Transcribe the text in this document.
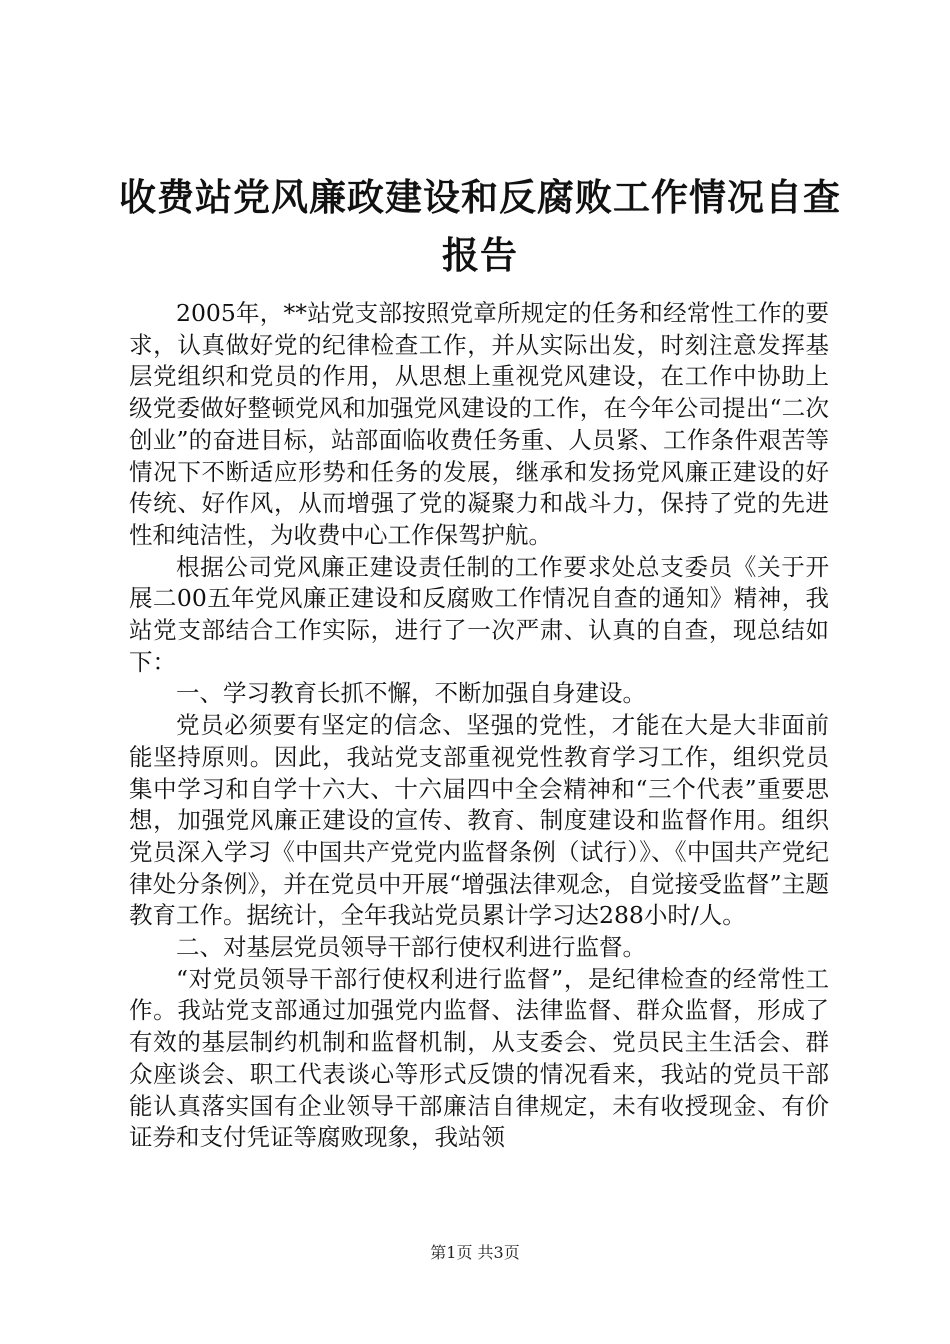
收费站党风廉政建设和反腐败工作情况自查报告

2005年，**站党支部按照党章所规定的任务和经常性工作的要求，认真做好党的纪律检查工作，并从实际出发，时刻注意发挥基层党组织和党员的作用，从思想上重视党风建设，在工作中协助上级党委做好整顿党风和加强党风建设的工作，在今年公司提出“二次创业”的奋进目标，站部面临收费任务重、人员紧、工作条件艰苦等情况下不断适应形势和任务的发展，继承和发扬党风廉正建设的好传统、好作风，从而增强了党的凝聚力和战斗力，保持了党的先进性和纯洁性，为收费中心工作保驾护航。

根据公司党风廉正建设责任制的工作要求处总支委员《关于开展二00五年党风廉正建设和反腐败工作情况自查的通知》精神，我站党支部结合工作实际，进行了一次严肃、认真的自查，现总结如下：

一、学习教育长抓不懈，不断加强自身建设。

党员必须要有坚定的信念、坚强的党性，才能在大是大非面前能坚持原则。因此，我站党支部重视党性教育学习工作，组织党员集中学习和自学十六大、十六届四中全会精神和“三个代表”重要思想，加强党风廉正建设的宣传、教育、制度建设和监督作用。组织党员深入学习《中国共产党党内监督条例（试行）》、《中国共产党纪律处分条例》，并在党员中开展“增强法律观念，自觉接受监督”主题教育工作。据统计，全年我站党员累计学习达288小时/人。

二、对基层党员领导干部行使权利进行监督。

“对党员领导干部行使权利进行监督”，是纪律检查的经常性工作。我站党支部通过加强党内监督、法律监督、群众监督，形成了有效的基层制约机制和监督机制，从支委会、党员民主生活会、群众座谈会、职工代表谈心等形式反馈的情况看来，我站的党员干部能认真落实国有企业领导干部廉洁自律规定，未有收授现金、有价证券和支付凭证等腐败现象，我站领

第1页 共3页
